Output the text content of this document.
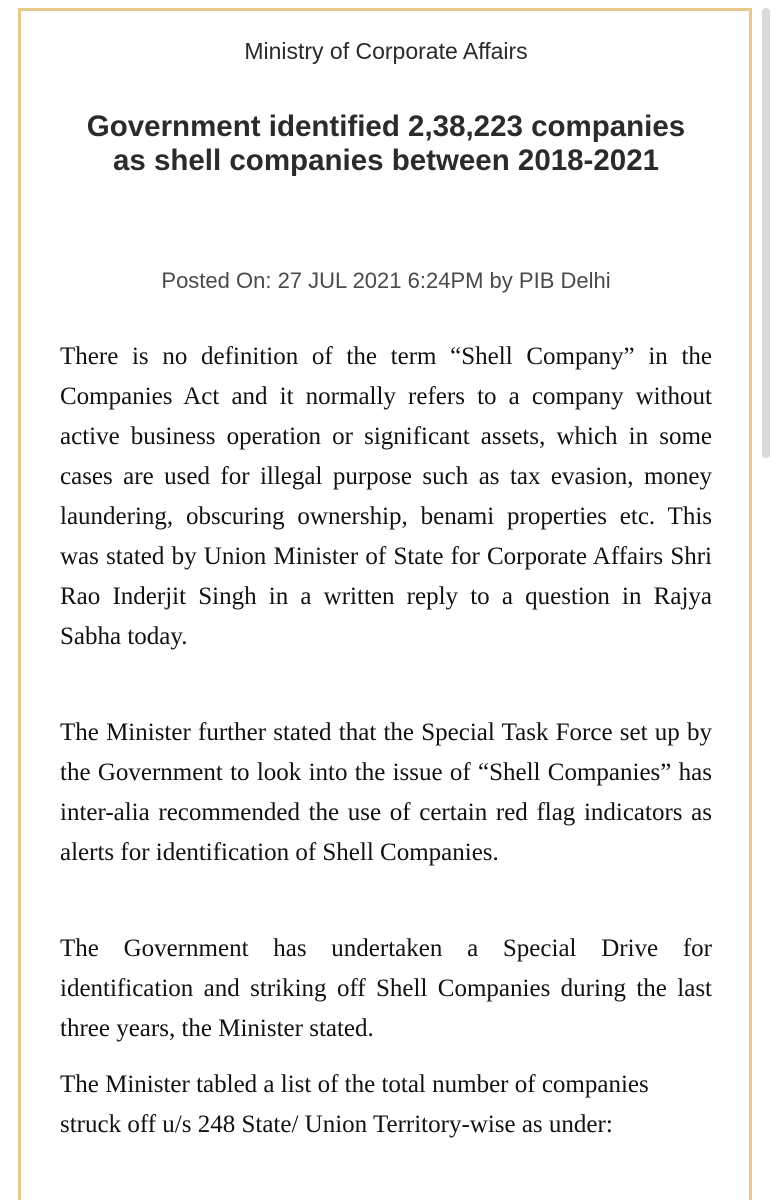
Ministry of Corporate Affairs
Government identified 2,38,223 companies as shell companies between 2018-2021
Posted On: 27 JUL 2021 6:24PM by PIB Delhi

There is no definition of the term “Shell Company” in the Companies Act and it normally refers to a company without active business operation or significant assets, which in some cases are used for illegal purpose such as tax evasion, money laundering, obscuring ownership, benami properties etc. This was stated by Union Minister of State for Corporate Affairs Shri Rao Inderjit Singh in a written reply to a question in Rajya Sabha today.

The Minister further stated that the Special Task Force set up by the Government to look into the issue of “Shell Companies” has inter-alia recommended the use of certain red flag indicators as alerts for identification of Shell Companies.

The Government has undertaken a Special Drive for identification and striking off Shell Companies during the last three years, the Minister stated.

The Minister tabled a list of the total number of companies struck off u/s 248 State/ Union Territory-wise as under:
